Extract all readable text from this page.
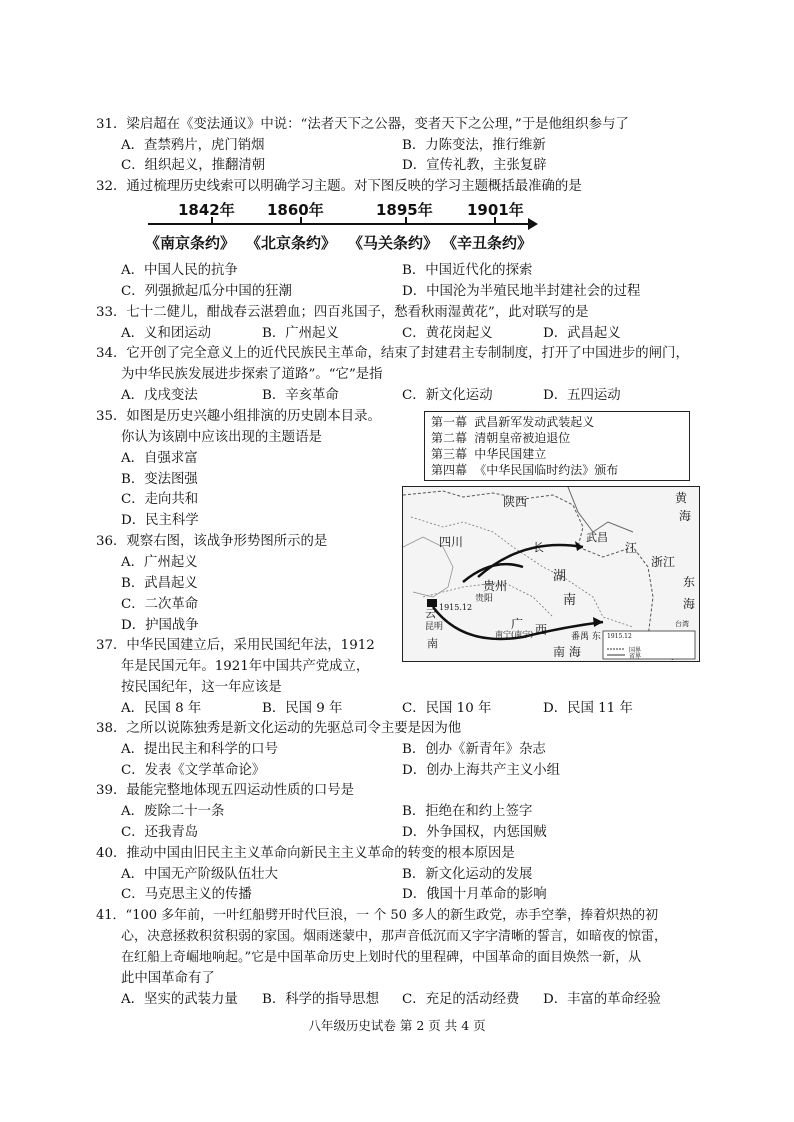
31．梁启超在《变法通议》中说：“法者天下之公器，变者天下之公理，”于是他组织参与了
A．查禁鸦片，虎门销烟	B．力陈变法，推行维新
C．组织起义，推翻清朝	D．宣传礼教，主张复辟
32．通过梳理历史线索可以明确学习主题。对下图反映的学习主题概括最准确的是
1842年 1860年	1895年 1901年
《南京条约》 《北京条约》 《马关条约》 《辛丑条约》
A．中国人民的抗争	B．中国近代化的探索
C．列强掀起瓜分中国的狂潮	D．中国沦为半殖民地半封建社会的过程
33．七十二健儿，酣战春云湛碧血；四百兆国子，愁看秋雨湿黄花”，此对联写的是
A．义和团运动	B．广州起义	C．黄花岗起义	D．武昌起义
34．它开创了完全意义上的近代民族民主革命，结束了封建君主专制制度，打开了中国进步的闸门，
为中华民族发展进步探索了道路”。“它”是指
A．戊戌变法	B．辛亥革命	C．新文化运动	D．五四运动
35．如图是历史兴趣小组排演的历史剧本目录。
你认为该剧中应该出现的主题语是
A．自强求富
B．变法图强
C．走向共和
D．民主科学
第一幕 武昌新军发动武装起义
第二幕 清朝皇帝被迫退位
第三幕 中华民国建立
第四幕 《中华民国临时约法》颁布
36．观察右图，该战争形势图所示的是
A．广州起义
B．武昌起义
C．二次革命
D．护国战争
陕西	黄
海
四川	长
武昌
江
浙江
东
海
湖
南
贵州
贵阳
云
昆明
1915.12
南
广 西
南宁(南宁)	番禺 东
南 海
台湾
1915.12
国界
省界
37．中华民国建立后，采用民国纪年法，1912
年是民国元年。1921年中国共产党成立，
按民国纪年，这一年应该是
A．民国 8 年	B．民国 9 年	C．民国 10 年	D．民国 11 年
38．之所以说陈独秀是新文化运动的先驱总司令主要是因为他
A．提出民主和科学的口号	B．创办《新青年》杂志
C．发表《文学革命论》	D．创办上海共产主义小组
39．最能完整地体现五四运动性质的口号是
A．废除二十一条	B．拒绝在和约上签字
C．还我青岛	D．外争国权，内惩国贼
40．推动中国由旧民主主义革命向新民主主义革命的转变的根本原因是
A．中国无产阶级队伍壮大	B．新文化运动的发展
C．马克思主义的传播	D．俄国十月革命的影响
41．“100 多年前，一叶红船劈开时代巨浪，一 个 50 多人的新生政党，赤手空拳，捧着炽热的初
心，决意拯救积贫积弱的家国。烟雨迷蒙中，那声音低沉而又字字清晰的誓言，如暗夜的惊雷，
在红船上奇崛地响起。”它是中国革命历史上划时代的里程碑，中国革命的面目焕然一新，从
此中国革命有了
A．坚实的武装力量 B．科学的指导思想 C．充足的活动经费 D．丰富的革命经验
八年级历史试卷 第 2 页 共 4 页
